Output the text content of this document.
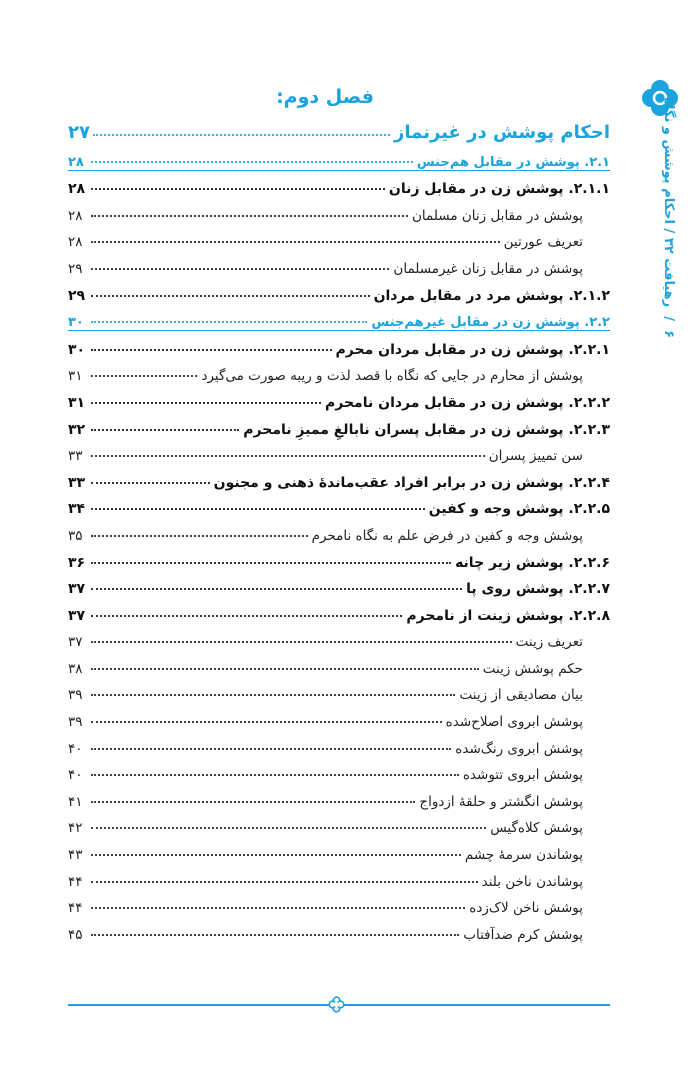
۶  /  رهیافت ۳۲ / احکام پوشش و نگاه
فصل دوم:
احکام پوشش در غیرنماز
۲۷
۲.۱. پوشش در مقابل هم‌جنس
۲۸
۲.۱.۱. پوشش زن در مقابل زنان
۲۸
پوشش در مقابل زنان مسلمان
۲۸
تعریف عورتین
۲۸
پوشش در مقابل زنان غیرمسلمان
۲۹
۲.۱.۲. پوشش مرد در مقابل مردان
۲۹
۲.۲. پوشش زن در مقابل غیرِهم‌جنس
۳۰
۲.۲.۱. پوشش زن در مقابل مردان محرم
۳۰
پوشش از محارم در جایی که نگاه با قصد لذت و ریبه صورت می‌گیرد
۳۱
۲.۲.۲. پوشش زن در مقابل مردان نامحرم
۳۱
۲.۲.۳. پوشش زن در مقابل پسران نابالغِ ممیزِ نامحرم
۳۲
سن تمییز پسران
۳۳
۲.۲.۴. پوشش زن در برابر افراد عقب‌ماندهٔ ذهنی و مجنون
۳۳
۲.۲.۵. پوشش وجه و کفین
۳۴
پوشش وجه و کفین در فرض علم به نگاه نامحرم
۳۵
۲.۲.۶. پوشش زیر چانه
۳۶
۲.۲.۷. پوشش روی پا
۳۷
۲.۲.۸. پوشش زینت از نامحرم
۳۷
تعریف زینت
۳۷
حکم پوشش زینت
۳۸
بیان مصادیقی از زینت
۳۹
پوشش ابروی اصلاح‌شده
۳۹
پوشش ابروی رنگ‌شده
۴۰
پوشش ابروی تتوشده
۴۰
پوشش انگشتر و حلقهٔ ازدواج
۴۱
پوشش کلاه‌گیس
۴۲
پوشاندن سرمهٔ چشم
۴۳
پوشاندن ناخن بلند
۴۴
پوشش ناخن لاک‌زده
۴۴
پوشش کرم ضدآفتاب
۴۵
